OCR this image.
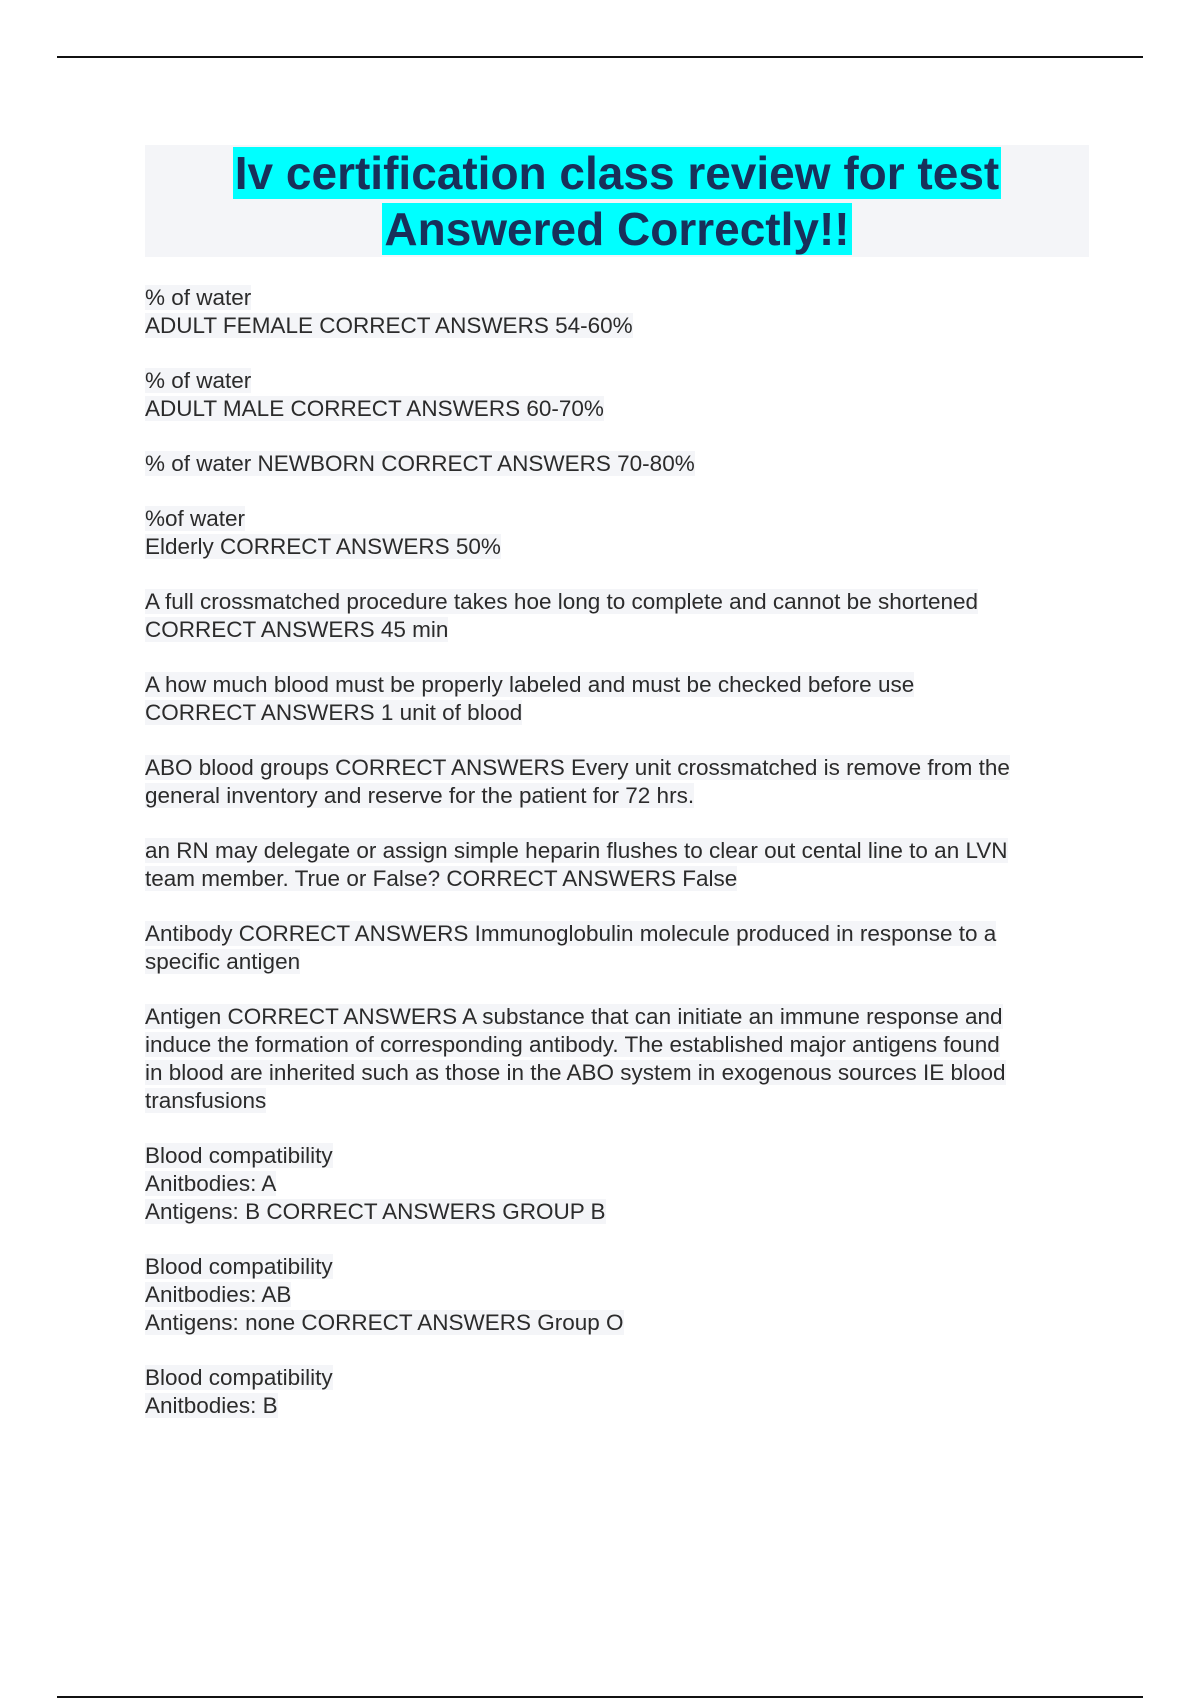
Iv certification class review for test
Answered Correctly!!
% of water
ADULT FEMALE CORRECT ANSWERS 54-60%
% of water
ADULT MALE CORRECT ANSWERS 60-70%
% of water NEWBORN CORRECT ANSWERS 70-80%
%of water
Elderly CORRECT ANSWERS 50%
A full crossmatched procedure takes hoe long to complete and cannot be shortened
CORRECT ANSWERS 45 min
A how much blood must be properly labeled and must be checked before use
CORRECT ANSWERS 1 unit of blood
ABO blood groups CORRECT ANSWERS Every unit crossmatched is remove from the
general inventory and reserve for the patient for 72 hrs.
an RN may delegate or assign simple heparin flushes to clear out cental line to an LVN
team member. True or False? CORRECT ANSWERS False
Antibody CORRECT ANSWERS Immunoglobulin molecule produced in response to a
specific antigen
Antigen CORRECT ANSWERS A substance that can initiate an immune response and
induce the formation of corresponding antibody. The established major antigens found
in blood are inherited such as those in the ABO system in exogenous sources IE blood
transfusions
Blood compatibility
Anitbodies: A
Antigens: B CORRECT ANSWERS GROUP B
Blood compatibility
Anitbodies: AB
Antigens: none CORRECT ANSWERS Group O
Blood compatibility
Anitbodies: B
